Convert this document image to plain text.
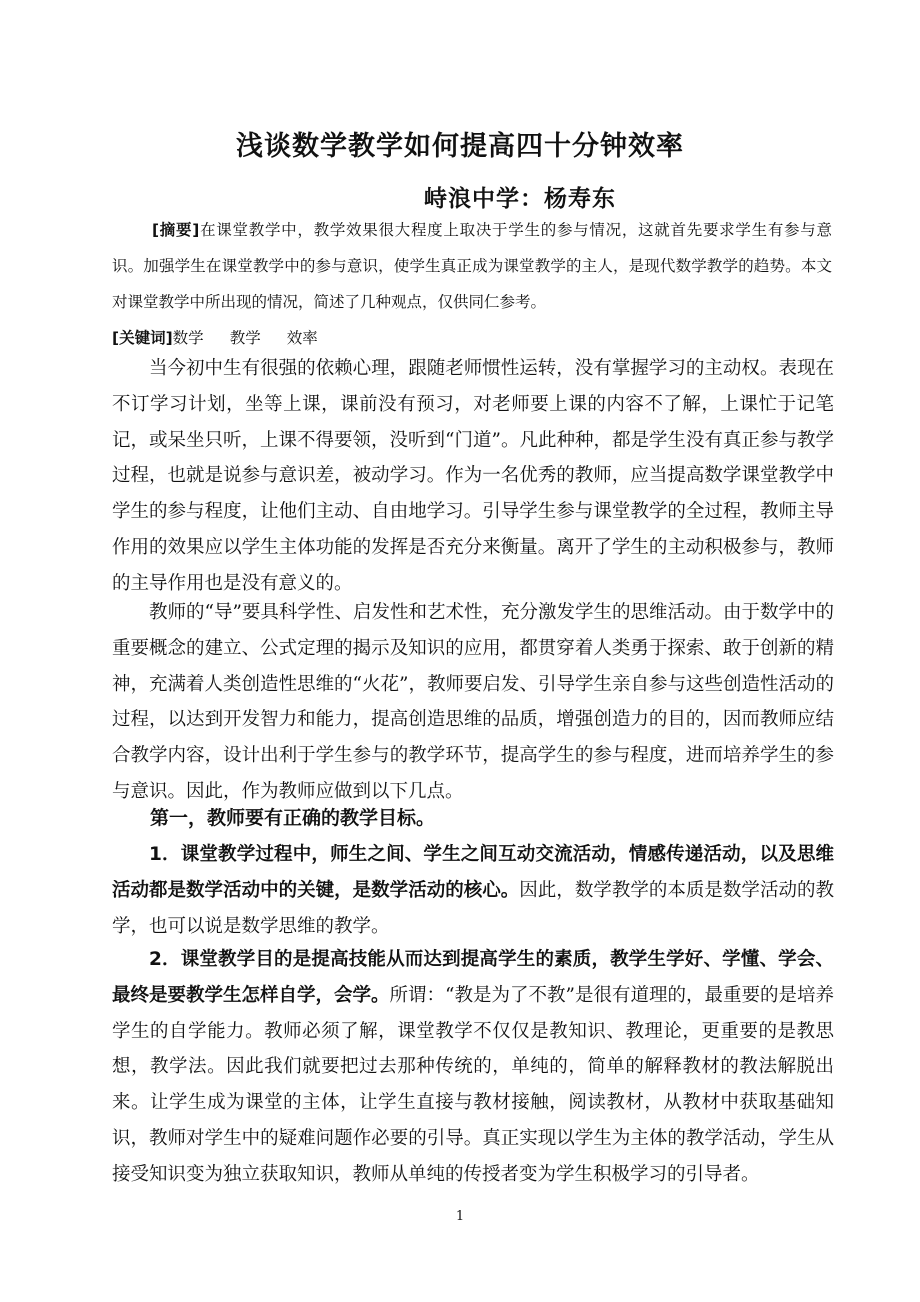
浅谈数学教学如何提高四十分钟效率
峙浪中学：杨寿东
[摘要]在课堂教学中，教学效果很大程度上取决于学生的参与情况，这就首先要求学生有参与意识。加强学生在课堂教学中的参与意识，使学生真正成为课堂教学的主人，是现代数学教学的趋势。本文对课堂教学中所出现的情况，简述了几种观点，仅供同仁参考。
[关键词]数学 教学 效率
当今初中生有很强的依赖心理，跟随老师惯性运转，没有掌握学习的主动权。表现在不订学习计划，坐等上课，课前没有预习，对老师要上课的内容不了解，上课忙于记笔记，或呆坐只听，上课不得要领，没听到“门道”。凡此种种，都是学生没有真正参与教学过程，也就是说参与意识差，被动学习。作为一名优秀的教师，应当提高数学课堂教学中学生的参与程度，让他们主动、自由地学习。引导学生参与课堂教学的全过程，教师主导作用的效果应以学生主体功能的发挥是否充分来衡量。离开了学生的主动积极参与，教师的主导作用也是没有意义的。
教师的“导”要具科学性、启发性和艺术性，充分激发学生的思维活动。由于数学中的重要概念的建立、公式定理的揭示及知识的应用，都贯穿着人类勇于探索、敢于创新的精神，充满着人类创造性思维的“火花”，教师要启发、引导学生亲自参与这些创造性活动的过程，以达到开发智力和能力，提高创造思维的品质，增强创造力的目的，因而教师应结合教学内容，设计出利于学生参与的教学环节，提高学生的参与程度，进而培养学生的参与意识。因此，作为教师应做到以下几点。
第一，教师要有正确的教学目标。
1．课堂教学过程中，师生之间、学生之间互动交流活动，情感传递活动，以及思维活动都是数学活动中的关键，是数学活动的核心。因此，数学教学的本质是数学活动的教学，也可以说是数学思维的教学。
2．课堂教学目的是提高技能从而达到提高学生的素质，教学生学好、学懂、学会、最终是要教学生怎样自学，会学。所谓：“教是为了不教”是很有道理的，最重要的是培养学生的自学能力。教师必须了解，课堂教学不仅仅是教知识、教理论，更重要的是教思想，教学法。因此我们就要把过去那种传统的，单纯的，简单的解释教材的教法解脱出来。让学生成为课堂的主体，让学生直接与教材接触，阅读教材，从教材中获取基础知识，教师对学生中的疑难问题作必要的引导。真正实现以学生为主体的教学活动，学生从接受知识变为独立获取知识，教师从单纯的传授者变为学生积极学习的引导者。
1
